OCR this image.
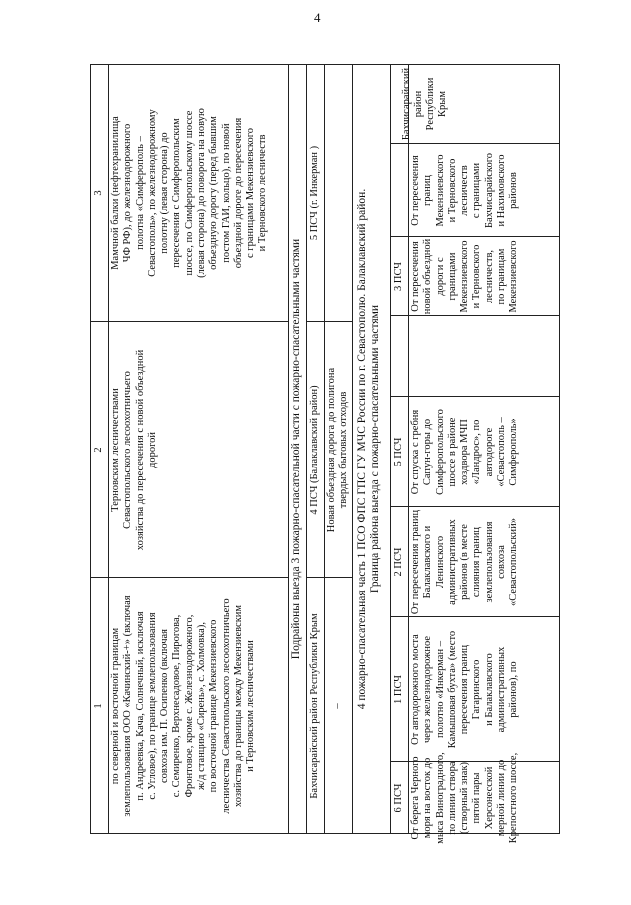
4
1
2
3
по северной и восточной границам землепользования ООО «Качинский-+» (включая п. Андреевка, Кача, Солнечный, исключая с. Угловое), по границе землепользования совхоза им. П. Осипенко (включая с. Семиренко, Верхнесадовое, Пирогова, Фронтовое, кроме с. Железнодорожного, ж/д станцию «Сирень», с. Холмовка), по восточной границе Мекензиевского лесничества Севастопольского лесоохотничьего хозяйства до границы между Мекензиевским и Терновским лесничествами
Терновским лесничествами Севастопольского лесоохотничьего хозяйства до пересечения с новой объездной дорогой
Мамчной балки (нефтехранилища ЧФ РФ), до железнодорожного полотна «Симферополь – Севастополь», по железнодорожному полотну (левая сторона) до пересечения с Симферопольским шоссе, по Симферопольскому шоссе (левая сторона) до поворота на новую объездную дорогу (перед бывшим постом ГАИ, кольцо), по новой объездной дороге до пересечения с границами Мекензиевского и Терновского лесничеств
Подрайоны выезда 3 пожарно-спасательной части с пожарно-спасательными частями
Бахчисарайский район Республики Крым
4 ПСЧ (Балаклавский район)
5 ПСЧ (г. Инкерман )
–
Новая объездная дорога до полигона твердых бытовых отходов 4 пожарно-спасательная часть 1 ПСО ФПС ГПС ГУ МЧС России по г. Севастополю. Балаклавский район. Граница района выезда с пожарно-спасательными частями
6 ПСЧ
1 ПСЧ
2 ПСЧ
5 ПСЧ
3 ПСЧ
Бахчисарайский район Республики Крым
От берега Черного моря на восток до мыса Виноградного, по линии створа (створный знак) пятой пары Херсонесской мерной линии до Крепостного шоссе,
От автодорожного моста через железнодорожное полотно «Инкерман – Камышовая бухта» (место пересечения границ Гагаринского и Балаклавского административных районов), по
От пересечения границ Балаклавского и Ленинского административных районов (в месте слияния границ землепользования совхоза «Севастопольский»
От спуска с гребня Сапун-горы до Симферопольского шоссе в районе хоздвора МЧП «Ландрос», по автодороге «Севастополь – Симферополь»
От пересечения новой объездной дороги с границами Мекензиевского и Терновского лесничеств, по границам Мекензиевского
От пересечения границ Мекензиевского и Терновского лесничеств с границами Бахчисарайского и Нахимовского районов
